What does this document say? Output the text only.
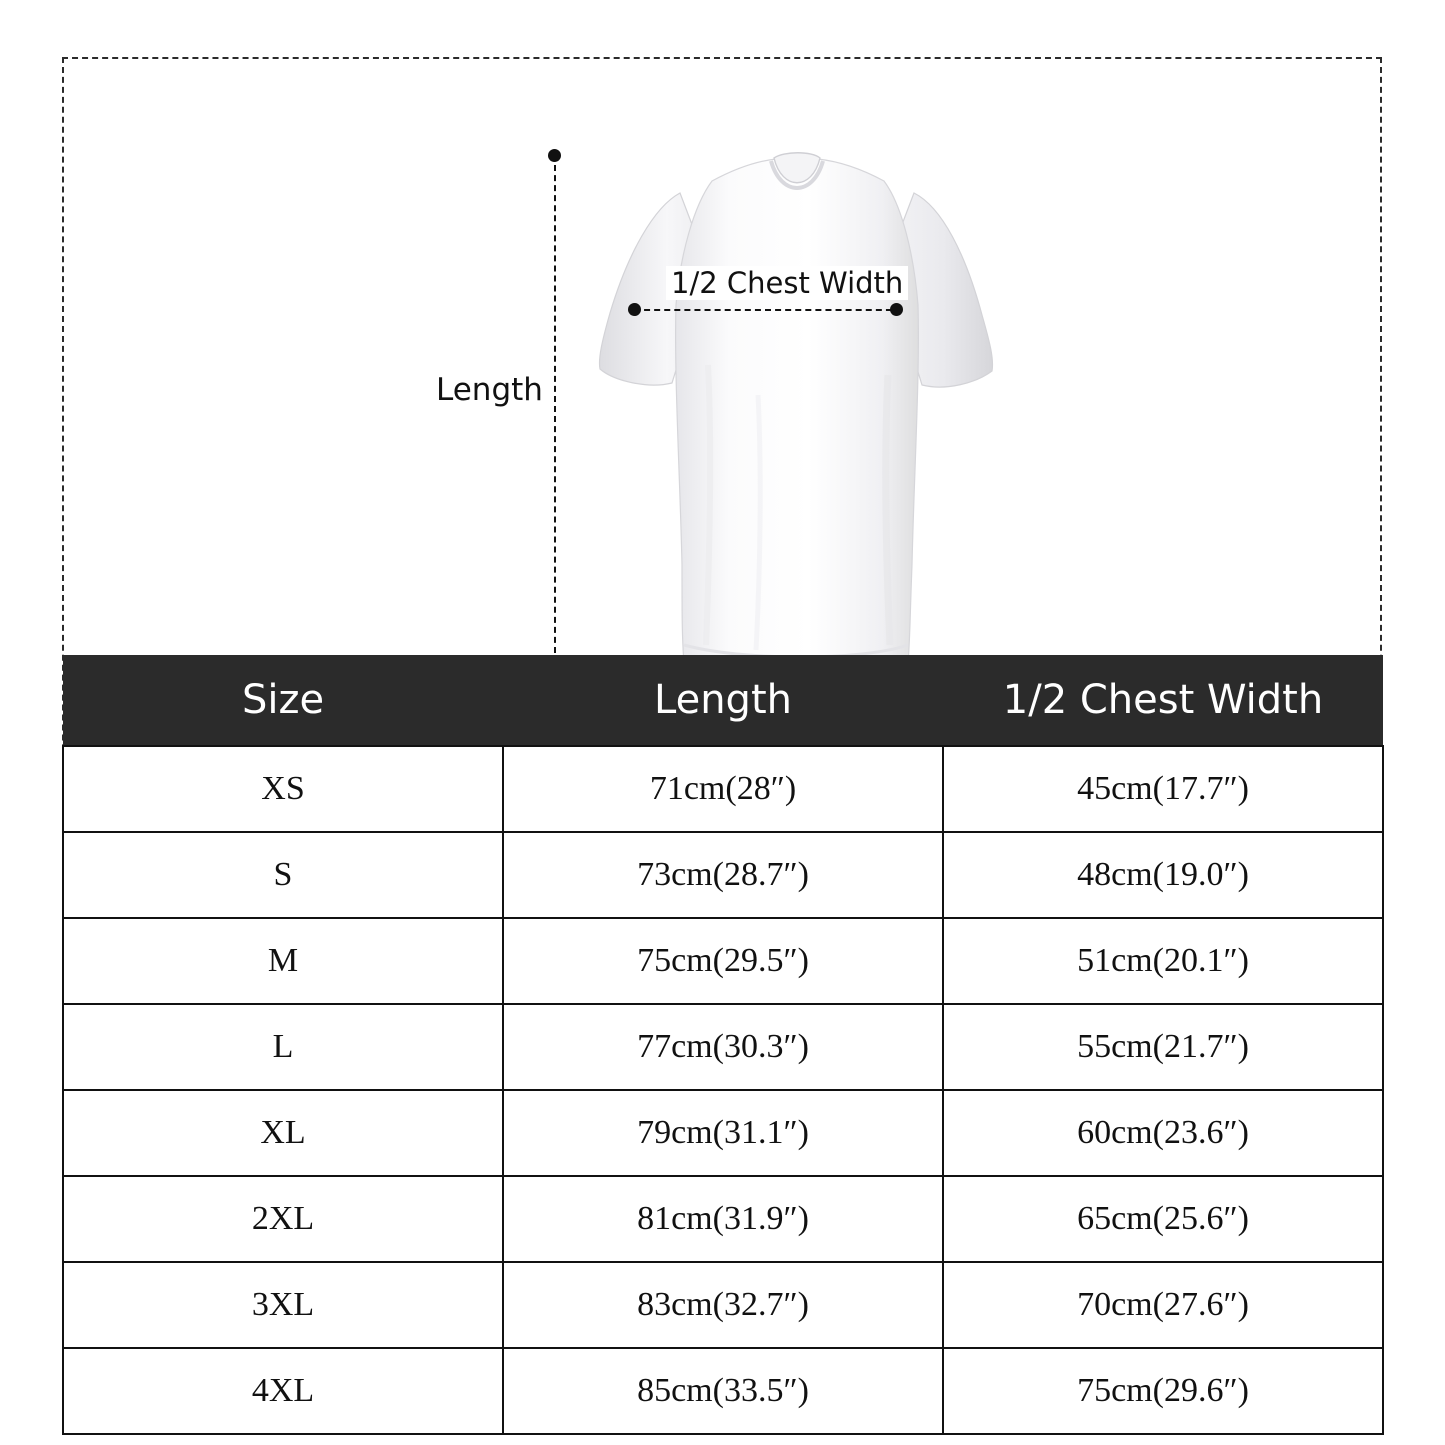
Length
1/2 Chest Width
Size	Length	1/2 Chest Width
XS	71cm(28″)	45cm(17.7″)
S	73cm(28.7″)	48cm(19.0″)
M	75cm(29.5″)	51cm(20.1″)
L	77cm(30.3″)	55cm(21.7″)
XL	79cm(31.1″)	60cm(23.6″)
2XL	81cm(31.9″)	65cm(25.6″)
3XL	83cm(32.7″)	70cm(27.6″)
4XL	85cm(33.5″)	75cm(29.6″)
